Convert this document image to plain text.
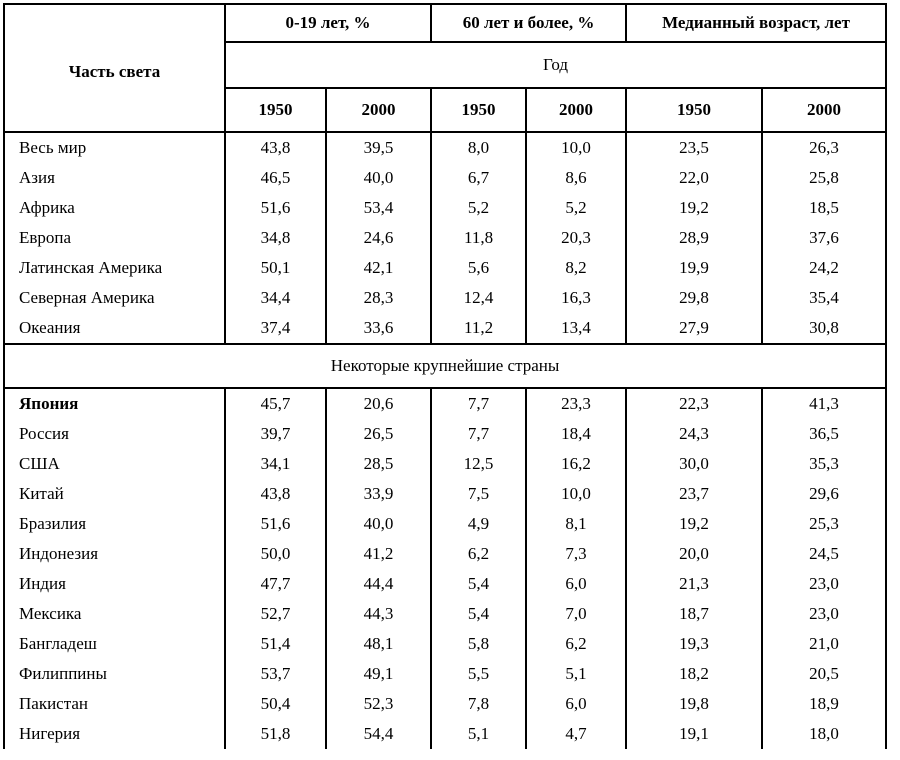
Часть света	0-19 лет, %		60 лет и более, %		Медианный возраст, лет	
	Год					
	1950	2000	1950	2000	1950	2000
Весь мир	43,8	39,5	8,0	10,0	23,5	26,3
Азия	46,5	40,0	6,7	8,6	22,0	25,8
Африка	51,6	53,4	5,2	5,2	19,2	18,5
Европа	34,8	24,6	11,8	20,3	28,9	37,6
Латинская Америка	50,1	42,1	5,6	8,2	19,9	24,2
Северная Америка	34,4	28,3	12,4	16,3	29,8	35,4
Океания	37,4	33,6	11,2	13,4	27,9	30,8
Некоторые крупнейшие страны						
Япония	45,7	20,6	7,7	23,3	22,3	41,3
Россия	39,7	26,5	7,7	18,4	24,3	36,5
США	34,1	28,5	12,5	16,2	30,0	35,3
Китай	43,8	33,9	7,5	10,0	23,7	29,6
Бразилия	51,6	40,0	4,9	8,1	19,2	25,3
Индонезия	50,0	41,2	6,2	7,3	20,0	24,5
Индия	47,7	44,4	5,4	6,0	21,3	23,0
Мексика	52,7	44,3	5,4	7,0	18,7	23,0
Бангладеш	51,4	48,1	5,8	6,2	19,3	21,0
Филиппины	53,7	49,1	5,5	5,1	18,2	20,5
Пакистан	50,4	52,3	7,8	6,0	19,8	18,9
Нигерия	51,8	54,4	5,1	4,7	19,1	18,0
